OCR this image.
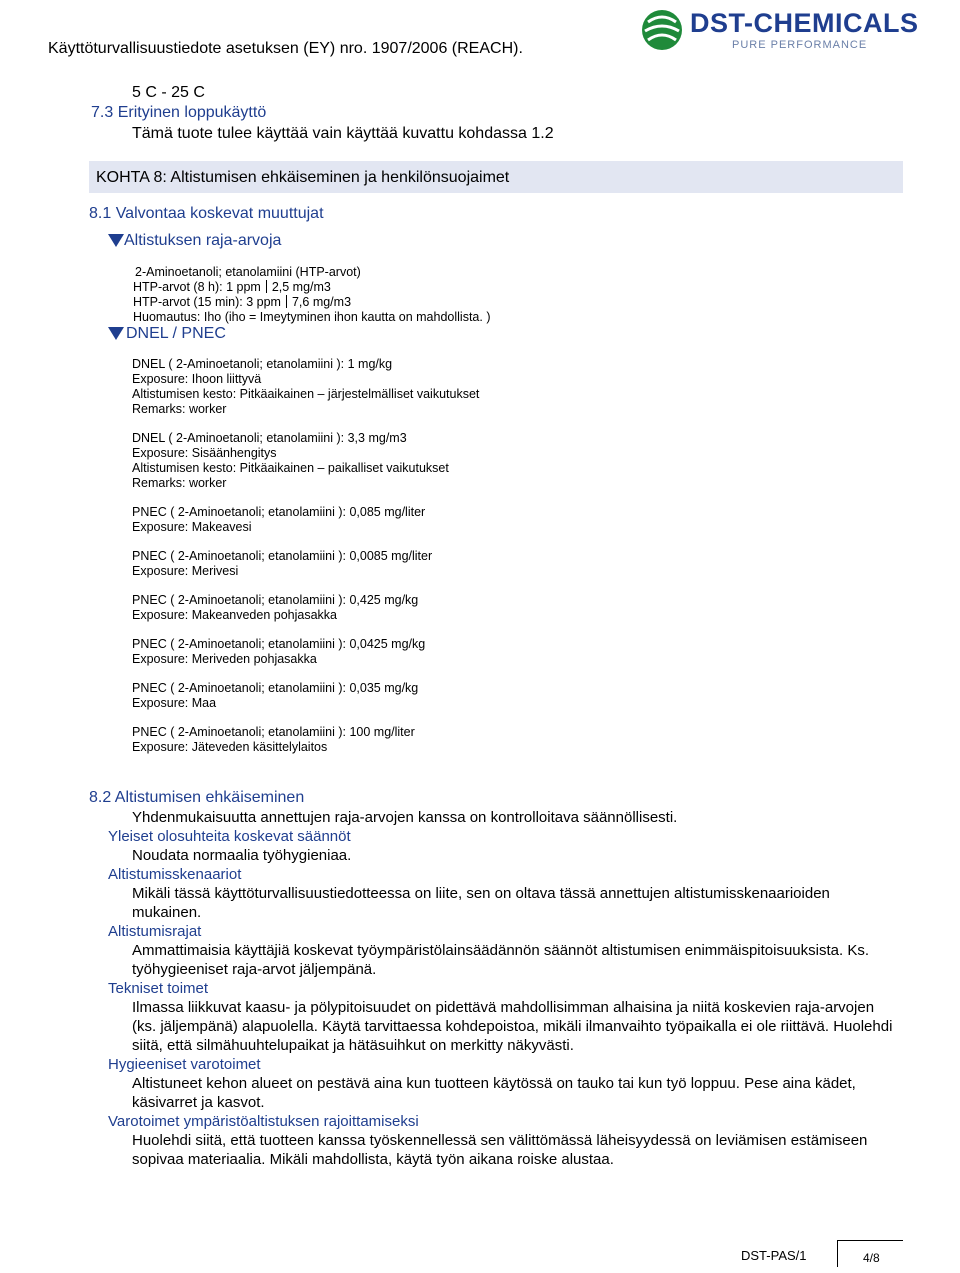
Käyttöturvallisuustiedote asetuksen (EY) nro. 1907/2006 (REACH).
DST-CHEMICALS
PURE PERFORMANCE
5 C - 25 C
7.3 Erityinen loppukäyttö
Tämä tuote tulee käyttää vain käyttää kuvattu kohdassa 1.2
KOHTA 8: Altistumisen ehkäiseminen ja henkilönsuojaimet
8.1 Valvontaa koskevat muuttujat
Altistuksen raja-arvoja
2-Aminoetanoli; etanolamiini (HTP-arvot)
HTP-arvot (8 h): 1 ppm 2,5 mg/m3
HTP-arvot (15 min): 3 ppm 7,6 mg/m3
Huomautus: Iho (iho = Imeytyminen ihon kautta on mahdollista. )
DNEL / PNEC
DNEL ( 2-Aminoetanoli; etanolamiini ): 1 mg/kg
Exposure: Ihoon liittyvä
Altistumisen kesto: Pitkäaikainen – järjestelmälliset vaikutukset
Remarks: worker
DNEL ( 2-Aminoetanoli; etanolamiini ): 3,3 mg/m3
Exposure: Sisäänhengitys
Altistumisen kesto: Pitkäaikainen – paikalliset vaikutukset
Remarks: worker
PNEC ( 2-Aminoetanoli; etanolamiini ): 0,085 mg/liter
Exposure: Makeavesi
PNEC ( 2-Aminoetanoli; etanolamiini ): 0,0085 mg/liter
Exposure: Merivesi
PNEC ( 2-Aminoetanoli; etanolamiini ): 0,425 mg/kg
Exposure: Makeanveden pohjasakka
PNEC ( 2-Aminoetanoli; etanolamiini ): 0,0425 mg/kg
Exposure: Meriveden pohjasakka
PNEC ( 2-Aminoetanoli; etanolamiini ): 0,035 mg/kg
Exposure: Maa
PNEC ( 2-Aminoetanoli; etanolamiini ): 100 mg/liter
Exposure: Jäteveden käsittelylaitos
8.2 Altistumisen ehkäiseminen
Yhdenmukaisuutta annettujen raja-arvojen kanssa on kontrolloitava säännöllisesti.
Yleiset olosuhteita koskevat säännöt
Noudata normaalia työhygieniaa.
Altistumisskenaariot
Mikäli tässä käyttöturvallisuustiedotteessa on liite, sen on oltava tässä annettujen altistumisskenaarioiden mukainen.
Altistumisrajat
Ammattimaisia käyttäjiä koskevat työympäristölainsäädännön säännöt altistumisen enimmäispitoisuuksista. Ks. työhygieeniset raja-arvot jäljempänä.
Tekniset toimet
Ilmassa liikkuvat kaasu- ja pölypitoisuudet on pidettävä mahdollisimman alhaisina ja niitä koskevien raja-arvojen (ks. jäljempänä) alapuolella. Käytä tarvittaessa kohdepoistoa, mikäli ilmanvaihto työpaikalla ei ole riittävä. Huolehdi siitä, että silmähuuhtelupaikat ja hätäsuihkut on merkitty näkyvästi.
Hygieeniset varotoimet
Altistuneet kehon alueet on pestävä aina kun tuotteen käytössä on tauko tai kun työ loppuu. Pese aina kädet, käsivarret ja kasvot.
Varotoimet ympäristöaltistuksen rajoittamiseksi
Huolehdi siitä, että tuotteen kanssa työskennellessä sen välittömässä läheisyydessä on leviämisen estämiseen sopivaa materiaalia. Mikäli mahdollista, käytä työn aikana roiske alustaa.
DST-PAS/1	4/8
